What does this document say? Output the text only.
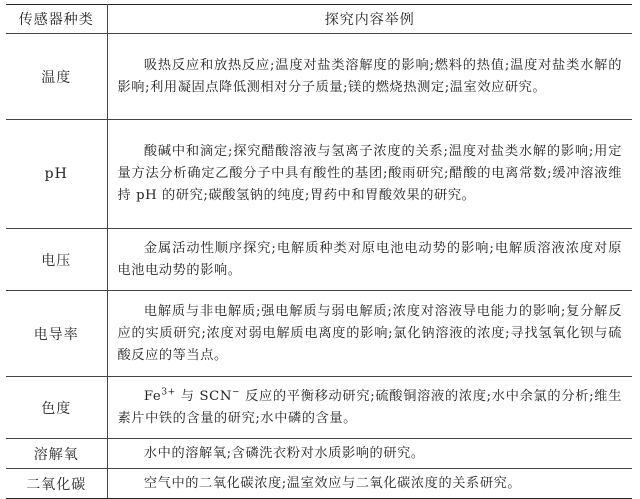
传感器种类	探究内容举例
温度	吸热反应和放热反应;温度对盐类溶解度的影响;燃料的热值;温度对盐类水解的影响;利用凝固点降低测相对分子质量;镁的燃烧热测定;温室效应研究。
pH	酸碱中和滴定;探究醋酸溶液与氢离子浓度的关系;温度对盐类水解的影响;用定量方法分析确定乙酸分子中具有酸性的基团;酸雨研究;醋酸的电离常数;缓冲溶液维持 pH 的研究;碳酸氢钠的纯度;胃药中和胃酸效果的研究。
电压	金属活动性顺序探究;电解质种类对原电池电动势的影响;电解质溶液浓度对原电池电动势的影响。
电导率	电解质与非电解质;强电解质与弱电解质;浓度对溶液导电能力的影响;复分解反应的实质研究;浓度对弱电解质电离度的影响;氯化钠溶液的浓度;寻找氢氧化钡与硫酸反应的等当点。
色度	$Fe^{3+}$ 与 SCN− 反应的平衡移动研究;硫酸铜溶液的浓度;水中余氯的分析;维生素片中铁的含量的研究;水中磷的含量。
溶解氧	水中的溶解氧;含磷洗衣粉对水质影响的研究。
二氧化碳	空气中的二氧化碳浓度;温室效应与二氧化碳浓度的关系研究。
